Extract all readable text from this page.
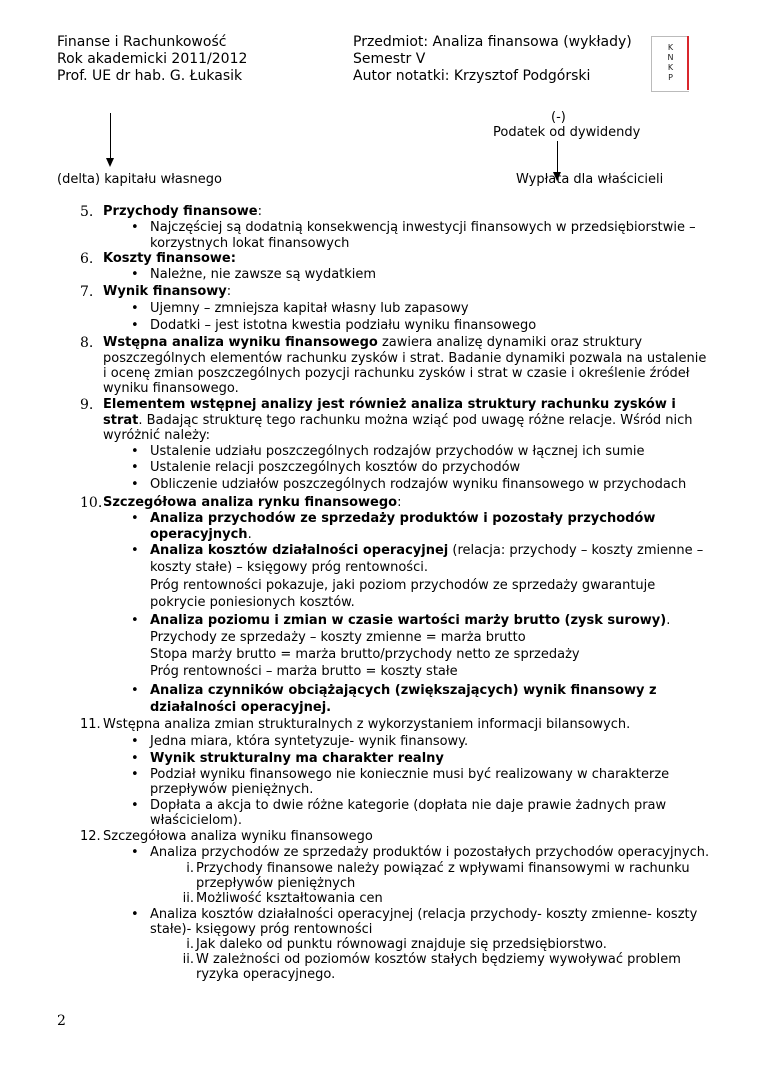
Finanse i Rachunkowość
Rok akademicki 2011/2012
Prof. UE dr hab. G. Łukasik
Przedmiot: Analiza finansowa (wykłady)
Semestr V
Autor notatki: Krzysztof Podgórski
K
N
K
P
(-)
Podatek od dywidendy
(delta) kapitału własnego	Wypłata dla właścicieli
5. Przychody finansowe:
• Najczęściej są dodatnią konsekwencją inwestycji finansowych w przedsiębiorstwie –
korzystnych lokat finansowych
6. Koszty finansowe:
• Należne, nie zawsze są wydatkiem
7. Wynik finansowy:
• Ujemny – zmniejsza kapitał własny lub zapasowy
• Dodatki – jest istotna kwestia podziału wyniku finansowego
8. Wstępna analiza wyniku finansowego zawiera analizę dynamiki oraz struktury
poszczególnych elementów rachunku zysków i strat. Badanie dynamiki pozwala na ustalenie
i ocenę zmian poszczególnych pozycji rachunku zysków i strat w czasie i określenie źródeł
wyniku finansowego.
9. Elementem wstępnej analizy jest również analiza struktury rachunku zysków i
strat. Badając strukturę tego rachunku można wziąć pod uwagę różne relacje. Wśród nich
wyróżnić należy:
• Ustalenie udziału poszczególnych rodzajów przychodów w łącznej ich sumie
• Ustalenie relacji poszczególnych kosztów do przychodów
• Obliczenie udziałów poszczególnych rodzajów wyniku finansowego w przychodach
10. Szczegółowa analiza rynku finansowego:
• Analiza przychodów ze sprzedaży produktów i pozostały przychodów
operacyjnych.
• Analiza kosztów działalności operacyjnej (relacja: przychody – koszty zmienne –
koszty stałe) – księgowy próg rentowności.
Próg rentowności pokazuje, jaki poziom przychodów ze sprzedaży gwarantuje
pokrycie poniesionych kosztów.
• Analiza poziomu i zmian w czasie wartości marży brutto (zysk surowy).
Przychody ze sprzedaży – koszty zmienne = marża brutto
Stopa marży brutto = marża brutto/przychody netto ze sprzedaży
Próg rentowności – marża brutto = koszty stałe
• Analiza czynników obciążających (zwiększających) wynik finansowy z
działalności operacyjnej.
11. Wstępna analiza zmian strukturalnych z wykorzystaniem informacji bilansowych.
• Jedna miara, która syntetyzuje- wynik finansowy.
• Wynik strukturalny ma charakter realny
• Podział wyniku finansowego nie koniecznie musi być realizowany w charakterze
przepływów pieniężnych.
• Dopłata a akcja to dwie różne kategorie (dopłata nie daje prawie żadnych praw
właścicielom).
12. Szczegółowa analiza wyniku finansowego
• Analiza przychodów ze sprzedaży produktów i pozostałych przychodów operacyjnych.
i. Przychody finansowe należy powiązać z wpływami finansowymi w rachunku
przepływów pieniężnych
ii. Możliwość kształtowania cen
• Analiza kosztów działalności operacyjnej (relacja przychody- koszty zmienne- koszty
stałe)- księgowy próg rentowności
i. Jak daleko od punktu równowagi znajduje się przedsiębiorstwo.
ii. W zależności od poziomów kosztów stałych będziemy wywoływać problem
ryzyka operacyjnego.
2
